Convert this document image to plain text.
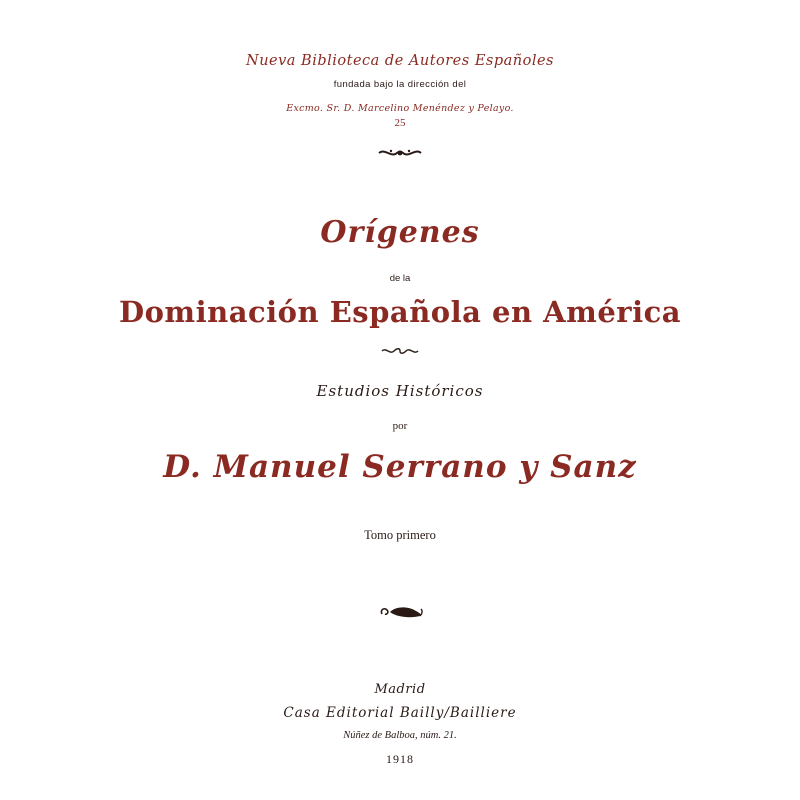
Nueva Biblioteca de Autores Españoles
fundada bajo la dirección del
Excmo. Sr. D. Marcelino Menéndez y Pelayo.
25
Orígenes
de la
Dominación Española en América
Estudios Históricos
por
D. Manuel Serrano y Sanz
Tomo primero
Madrid
Casa Editorial Bailly/Bailliere
Núñez de Balboa, núm. 21.
1918
